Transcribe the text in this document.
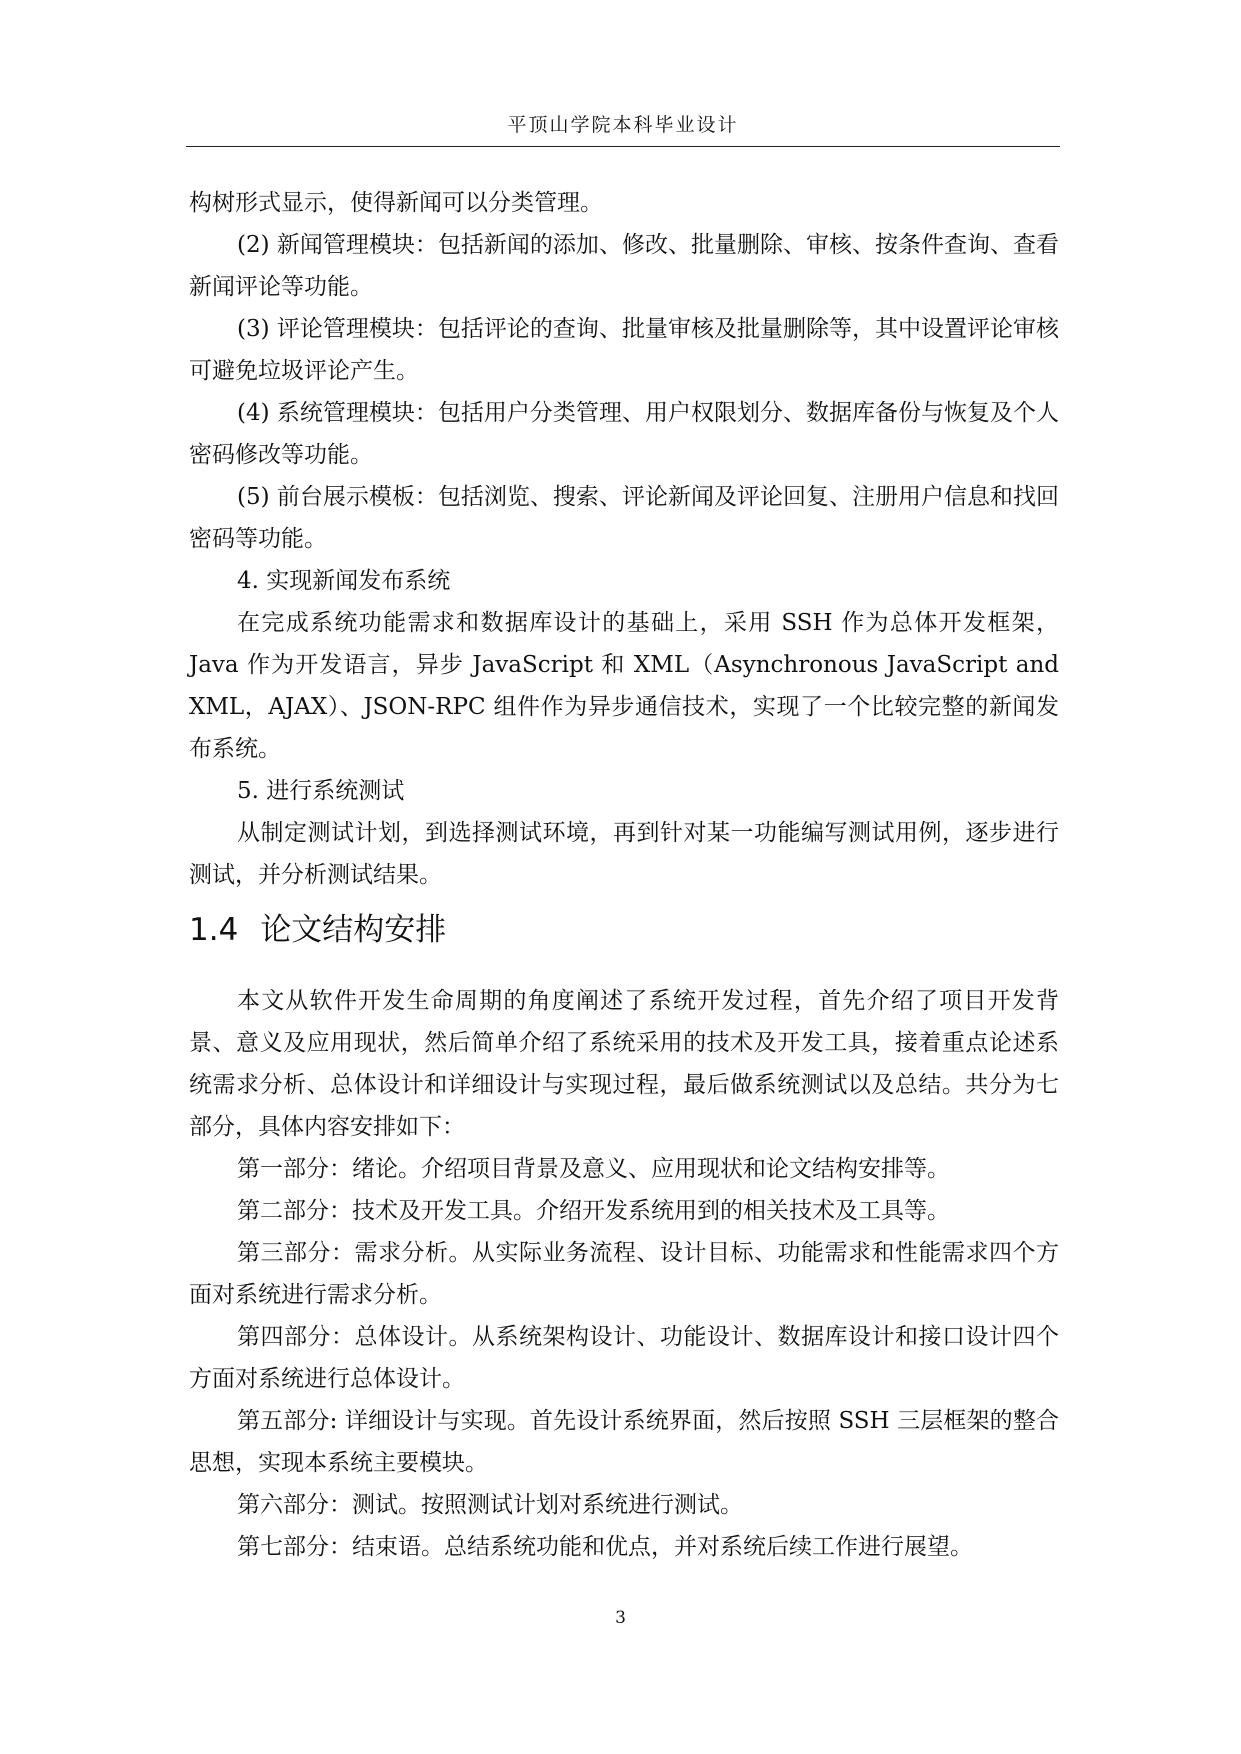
平顶山学院本科毕业设计

构树形式显示，使得新闻可以分类管理。

(2) 新闻管理模块：包括新闻的添加、修改、批量删除、审核、按条件查询、查看新闻评论等功能。

(3) 评论管理模块：包括评论的查询、批量审核及批量删除等，其中设置评论审核可避免垃圾评论产生。

(4) 系统管理模块：包括用户分类管理、用户权限划分、数据库备份与恢复及个人密码修改等功能。

(5) 前台展示模板：包括浏览、搜索、评论新闻及评论回复、注册用户信息和找回密码等功能。

4. 实现新闻发布系统

在完成系统功能需求和数据库设计的基础上，采用 SSH 作为总体开发框架，Java 作为开发语言，异步 JavaScript 和 XML（Asynchronous JavaScript and XML，AJAX）、JSON-RPC 组件作为异步通信技术，实现了一个比较完整的新闻发布系统。

5. 进行系统测试

从制定测试计划，到选择测试环境，再到针对某一功能编写测试用例，逐步进行测试，并分析测试结果。

1.4 论文结构安排

本文从软件开发生命周期的角度阐述了系统开发过程，首先介绍了项目开发背景、意义及应用现状，然后简单介绍了系统采用的技术及开发工具，接着重点论述系统需求分析、总体设计和详细设计与实现过程，最后做系统测试以及总结。共分为七部分，具体内容安排如下：

第一部分：绪论。介绍项目背景及意义、应用现状和论文结构安排等。

第二部分：技术及开发工具。介绍开发系统用到的相关技术及工具等。

第三部分：需求分析。从实际业务流程、设计目标、功能需求和性能需求四个方面对系统进行需求分析。

第四部分：总体设计。从系统架构设计、功能设计、数据库设计和接口设计四个方面对系统进行总体设计。

第五部分: 详细设计与实现。首先设计系统界面，然后按照 SSH 三层框架的整合思想，实现本系统主要模块。

第六部分：测试。按照测试计划对系统进行测试。

第七部分：结束语。总结系统功能和优点，并对系统后续工作进行展望。

3
